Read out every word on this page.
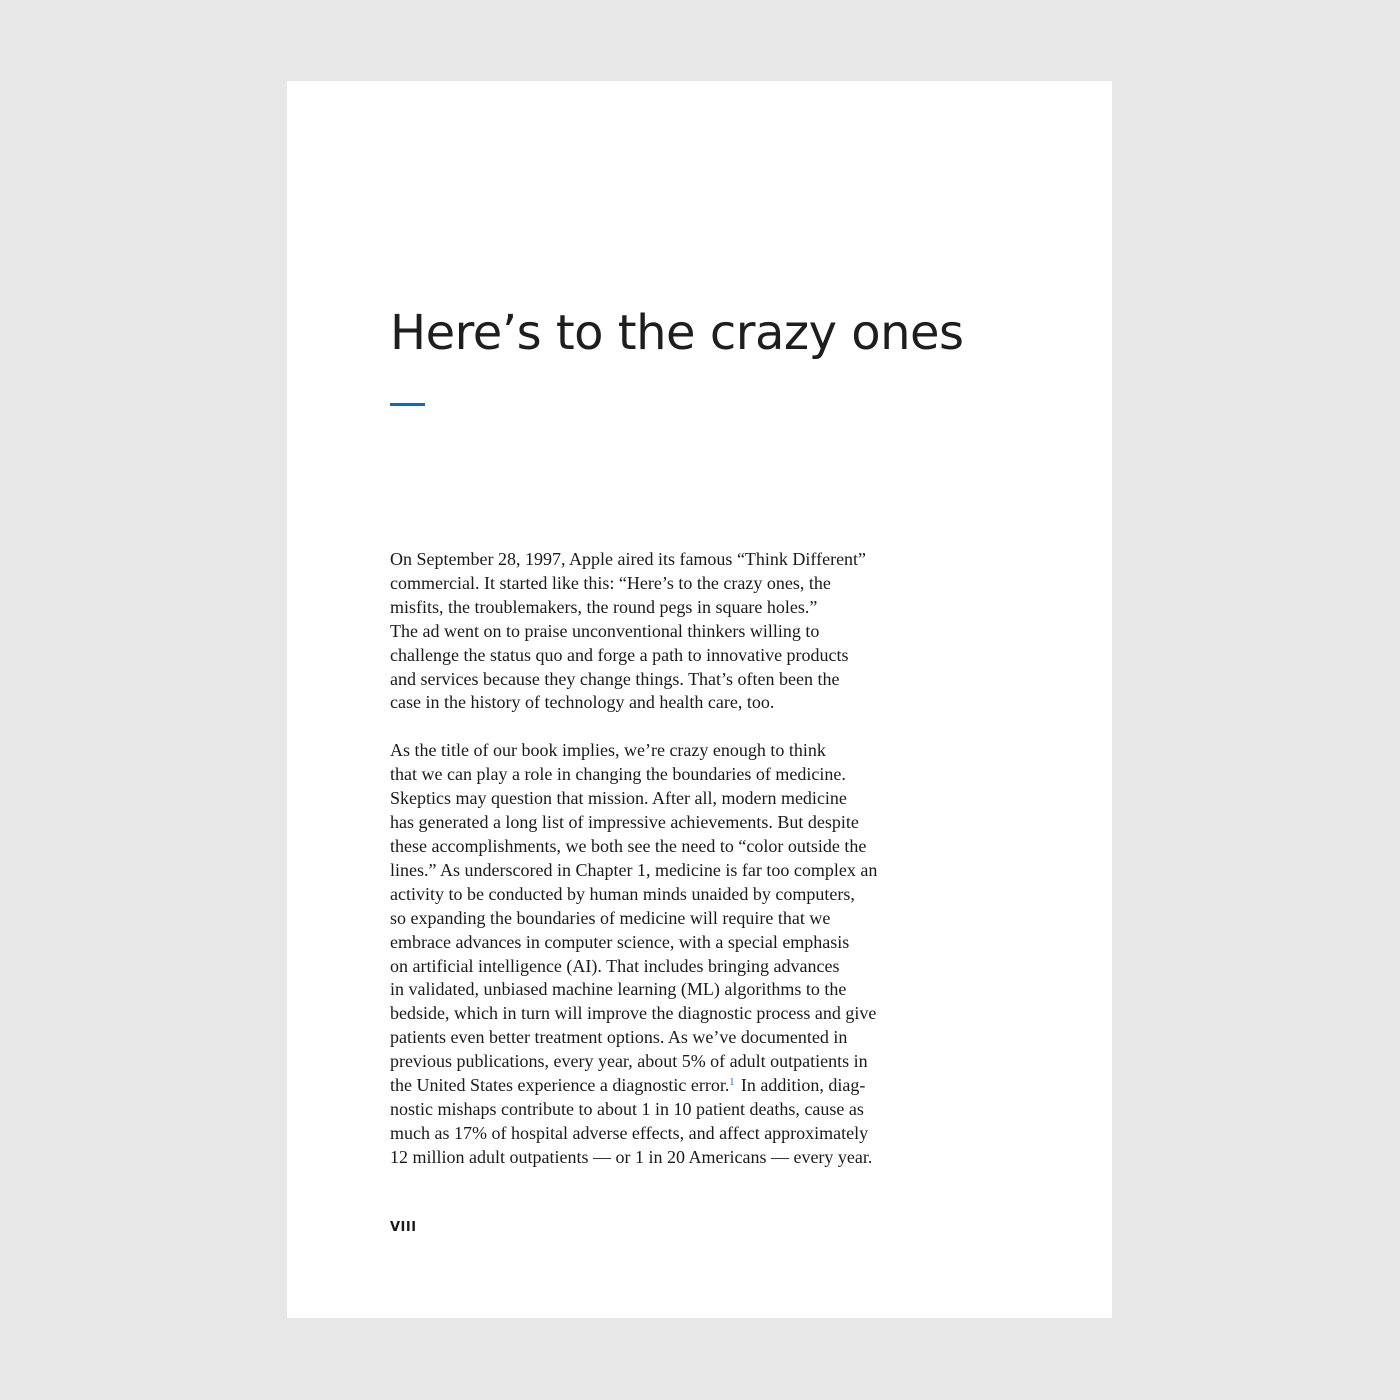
Here’s to the crazy ones

On September 28, 1997, Apple aired its famous “Think Different”
commercial. It started like this: “Here’s to the crazy ones, the
misfits, the troublemakers, the round pegs in square holes.”
The ad went on to praise unconventional thinkers willing to
challenge the status quo and forge a path to innovative products
and services because they change things. That’s often been the
case in the history of technology and health care, too.

As the title of our book implies, we’re crazy enough to think
that we can play a role in changing the boundaries of medicine.
Skeptics may question that mission. After all, modern medicine
has generated a long list of impressive achievements. But despite
these accomplishments, we both see the need to “color outside the
lines.” As underscored in Chapter 1, medicine is far too complex an
activity to be conducted by human minds unaided by computers,
so expanding the boundaries of medicine will require that we
embrace advances in computer science, with a special emphasis
on artificial intelligence (AI). That includes bringing advances
in validated, unbiased machine learning (ML) algorithms to the
bedside, which in turn will improve the diagnostic process and give
patients even better treatment options. As we’ve documented in
previous publications, every year, about 5% of adult outpatients in
the United States experience a diagnostic error.$^1$ In addition, diag-
nostic mishaps contribute to about 1 in 10 patient deaths, cause as
much as 17% of hospital adverse effects, and affect approximately
12 million adult outpatients — or 1 in 20 Americans — every year.

VIII
